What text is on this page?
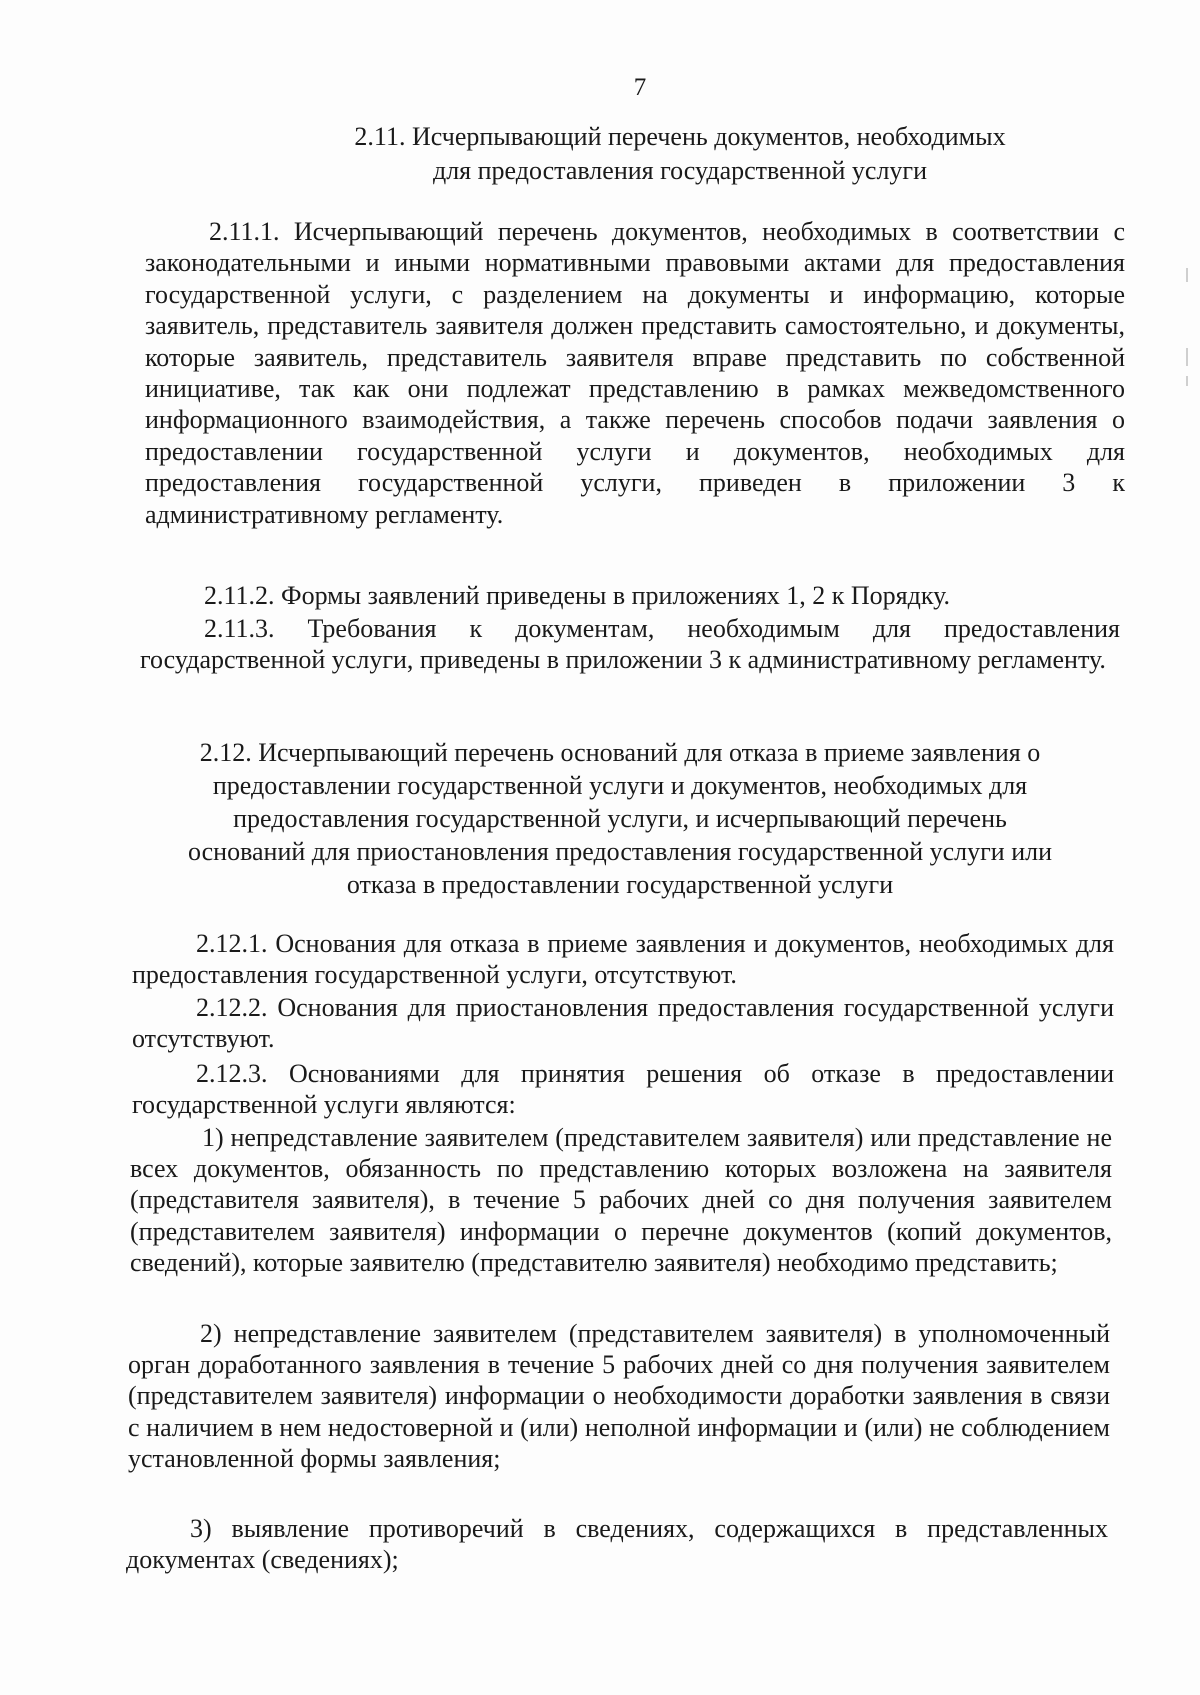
7
2.11. Исчерпывающий перечень документов, необходимых
для предоставления государственной услуги
2.11.1. Исчерпывающий перечень документов, необходимых в соответствии с законодательными и иными нормативными правовыми актами для предоставления государственной услуги, с разделением на документы и информацию, которые заявитель, представитель заявителя должен представить самостоятельно, и документы, которые заявитель, представитель заявителя вправе представить по собственной инициативе, так как они подлежат представлению в рамках межведомственного информационного взаимодействия, а также перечень способов подачи заявления о предоставлении государственной услуги и документов, необходимых для предоставления государственной услуги, приведен в приложении 3 к административному регламенту.
2.11.2. Формы заявлений приведены в приложениях 1, 2 к Порядку.
2.11.3. Требования к документам, необходимым для предоставления государственной услуги, приведены в приложении 3 к административному регламенту.
2.12. Исчерпывающий перечень оснований для отказа в приеме заявления о
предоставлении государственной услуги и документов, необходимых для
предоставления государственной услуги, и исчерпывающий перечень
оснований для приостановления предоставления государственной услуги или
отказа в предоставлении государственной услуги
2.12.1. Основания для отказа в приеме заявления и документов, необходимых для предоставления государственной услуги, отсутствуют.
2.12.2. Основания для приостановления предоставления государственной услуги отсутствуют.
2.12.3. Основаниями для принятия решения об отказе в предоставлении государственной услуги являются:
1) непредставление заявителем (представителем заявителя) или представление не всех документов, обязанность по представлению которых возложена на заявителя (представителя заявителя), в течение 5 рабочих дней со дня получения заявителем (представителем заявителя) информации о перечне документов (копий документов, сведений), которые заявителю (представителю заявителя) необходимо представить;
2) непредставление заявителем (представителем заявителя) в уполномоченный орган доработанного заявления в течение 5 рабочих дней со дня получения заявителем (представителем заявителя) информации о необходимости доработки заявления в связи с наличием в нем недостоверной и (или) неполной информации и (или) не соблюдением установленной формы заявления;
3) выявление противоречий в сведениях, содержащихся в представленных документах (сведениях);
